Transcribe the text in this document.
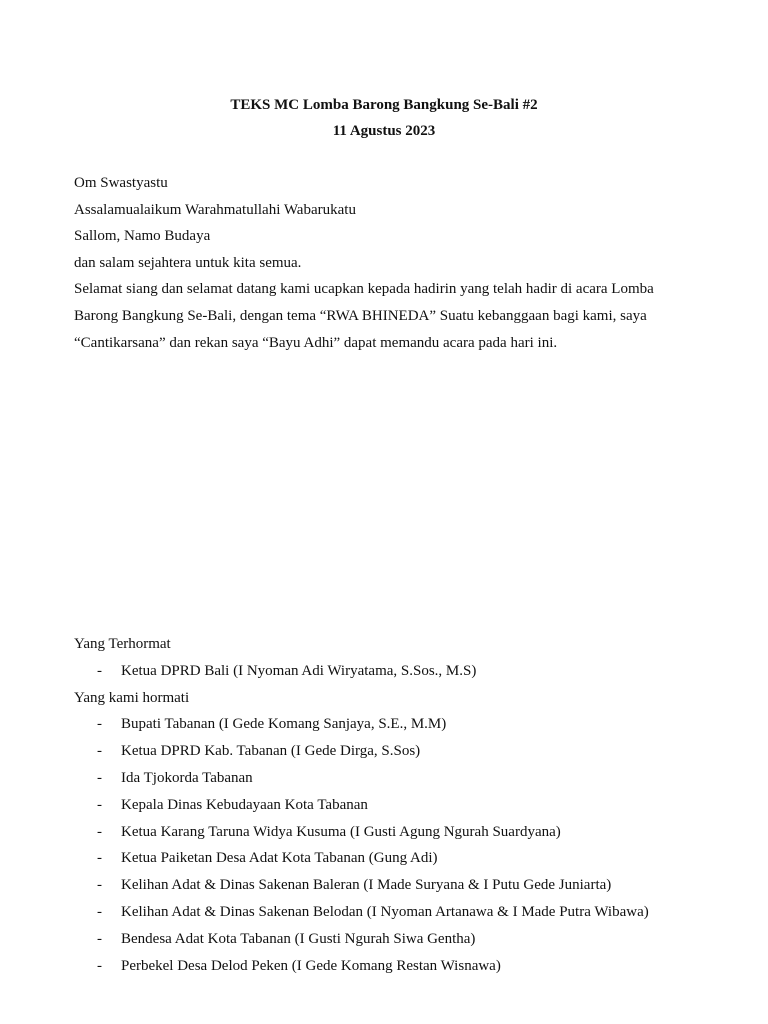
TEKS MC Lomba Barong Bangkung Se-Bali #2
11 Agustus 2023

Om Swastyastu

Assalamualaikum Warahmatullahi Wabarukatu

Sallom, Namo Budaya

dan salam sejahtera untuk kita semua.

Selamat siang dan selamat datang kami ucapkan kepada hadirin yang telah hadir di acara Lomba

Barong Bangkung Se-Bali, dengan tema “RWA BHINEDA” Suatu kebanggaan bagi kami, saya

“Cantikarsana” dan rekan saya “Bayu Adhi” dapat memandu acara pada hari ini.

Yang Terhormat

- Ketua DPRD Bali (I Nyoman Adi Wiryatama, S.Sos., M.S)

Yang kami hormati

- Bupati Tabanan (I Gede Komang Sanjaya, S.E., M.M)
- Ketua DPRD Kab. Tabanan (I Gede Dirga, S.Sos)
- Ida Tjokorda Tabanan
- Kepala Dinas Kebudayaan Kota Tabanan
- Ketua Karang Taruna Widya Kusuma (I Gusti Agung Ngurah Suardyana)
- Ketua Paiketan Desa Adat Kota Tabanan (Gung Adi)
- Kelihan Adat & Dinas Sakenan Baleran (I Made Suryana & I Putu Gede Juniarta)
- Kelihan Adat & Dinas Sakenan Belodan (I Nyoman Artanawa & I Made Putra Wibawa)
- Bendesa Adat Kota Tabanan (I Gusti Ngurah Siwa Gentha)
- Perbekel Desa Delod Peken (I Gede Komang Restan Wisnawa)
